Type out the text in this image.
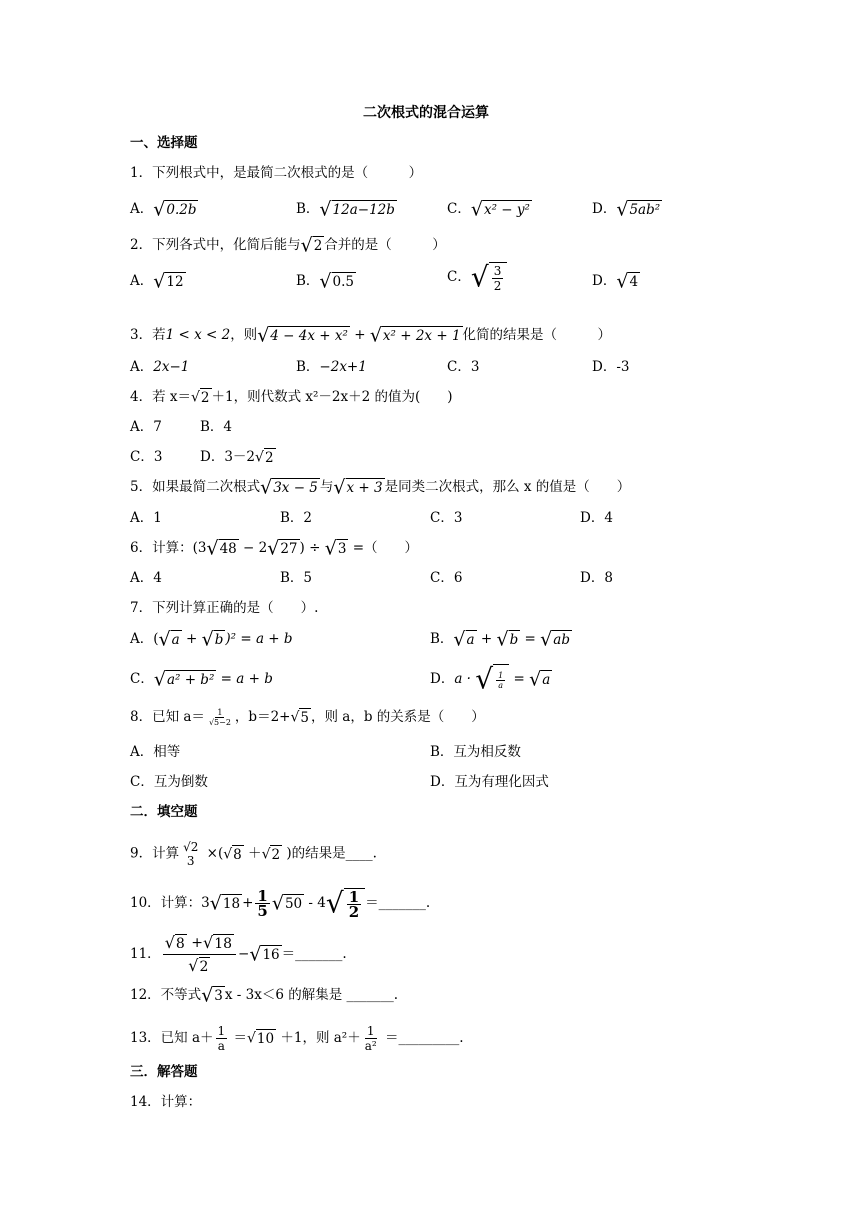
二次根式的混合运算
一、选择题
1．下列根式中，是最简二次根式的是（　　　）
A．√0.2b	B．√12a−12b	C．√x² − y²	D．√5ab²
2．下列各式中，化简后能与√2 合并的是（　　　）
A．√12	B．√0.5	C．√ $\frac{3}{2}$	D．√4
3．若1 < x < 2，则√4 − 4x + x² + √x² + 2x + 1 化简的结果是（　　　）
A．2x−1	B．−2x+1	C．3	D．-3
4．若 x＝√2 ＋1，则代数式 x²－2x＋2 的值为(　　)
A．7	B．4
C．3	D．3－2√2
5．如果最简二次根式√3x − 5 与√x + 3 是同类二次根式，那么 x 的值是（　　）
A．1	B．2	C．3	D．4
6．计算：(3√48 − 2√27 ) ÷ √3 =（　　）
A．4	B．5	C．6	D．8
7．下列计算正确的是（　　）.
A．(√a + √b )² = a + b	B．√a + √b = √ab
C．√a² + b² = a + b	D．a · √ $\frac{1}{a} = √a$
8．已知 $a= \frac{1}{√5-2}$ ，b＝2+√5 ，则 a，b 的关系是（　　）
A．相等	B．互为相反数
C．互为倒数	D．互为有理化因式
二．填空题
9．计算 √2
3 ×(√8 ＋√2 )的结果是____.
10．计算：$3√18 + \frac{1}{5} √50 - 4√ \frac{1}{2}$ ＝_______.
11． $\frac{√8 +√18}{√2} -√16$ ＝_______.
12．不等式√3 x - 3x＜6 的解集是 _______.
13．已知 $a+ \frac{1}{a} =√10 +1$，则 $a^2+ \frac{1}{\text{a²}}$ ＝_________.
三．解答题
14．计算：
